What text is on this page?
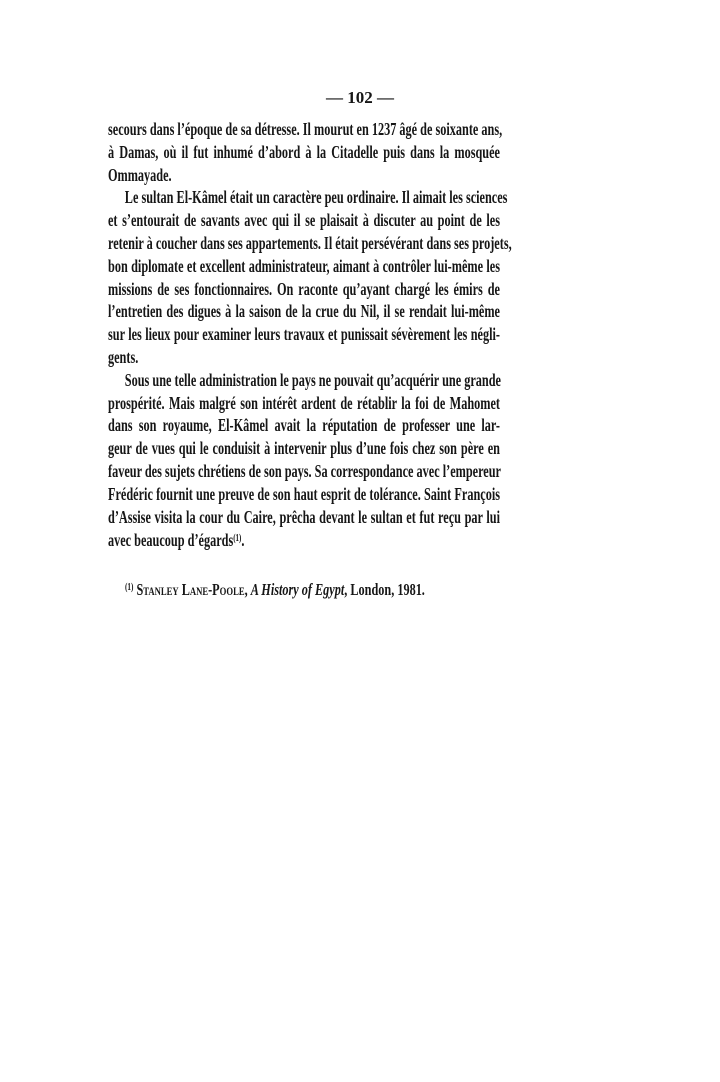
— 102 —
secours dans l’époque de sa détresse. Il mourut en 1237 âgé de soixante ans,
à Damas, où il fut inhumé d’abord à la Citadelle puis dans la mosquée
Ommayade.
Le sultan El-Kâmel était un caractère peu ordinaire. Il aimait les sciences
et s’entourait de savants avec qui il se plaisait à discuter au point de les
retenir à coucher dans ses appartements. Il était persévérant dans ses projets,
bon diplomate et excellent administrateur, aimant à contrôler lui-même les
missions de ses fonctionnaires. On raconte qu’ayant chargé les émirs de
l’entretien des digues à la saison de la crue du Nil, il se rendait lui-même
sur les lieux pour examiner leurs travaux et punissait sévèrement les négli-
gents.
Sous une telle administration le pays ne pouvait qu’acquérir une grande
prospérité. Mais malgré son intérêt ardent de rétablir la foi de Mahomet
dans son royaume, El-Kâmel avait la réputation de professer une lar-
geur de vues qui le conduisit à intervenir plus d’une fois chez son père en
faveur des sujets chrétiens de son pays. Sa correspondance avec l’empereur
Frédéric fournit une preuve de son haut esprit de tolérance. Saint François
d’Assise visita la cour du Caire, prêcha devant le sultan et fut reçu par lui
avec beaucoup d’égards$^{(1)}$.
$^{(1)}$ Stanley Lane-Poole, A History of Egypt, London, 1981.
